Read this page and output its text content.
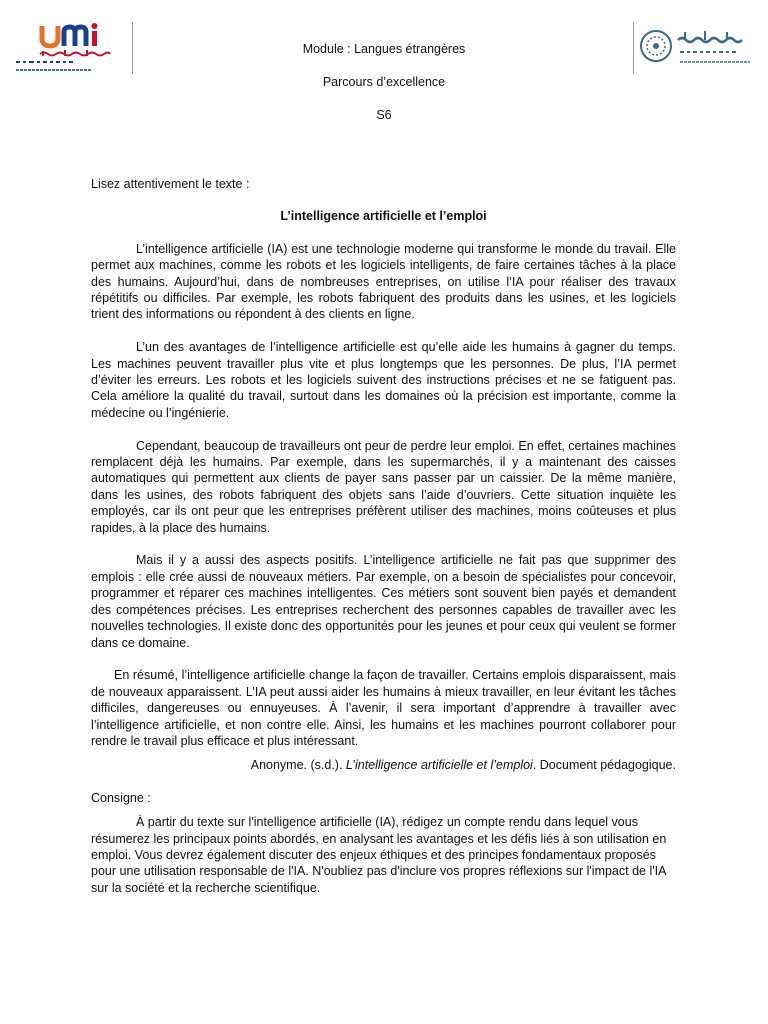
Module : Langues étrangères
Parcours d’excellence
S6

Lisez attentivement le texte :

L’intelligence artificielle et l’emploi

L’intelligence artificielle (IA) est une technologie moderne qui transforme le monde du travail. Elle permet aux machines, comme les robots et les logiciels intelligents, de faire certaines tâches à la place des humains. Aujourd’hui, dans de nombreuses entreprises, on utilise l’IA pour réaliser des travaux répétitifs ou difficiles. Par exemple, les robots fabriquent des produits dans les usines, et les logiciels trient des informations ou répondent à des clients en ligne.

L’un des avantages de l’intelligence artificielle est qu’elle aide les humains à gagner du temps. Les machines peuvent travailler plus vite et plus longtemps que les personnes. De plus, l’IA permet d’éviter les erreurs. Les robots et les logiciels suivent des instructions précises et ne se fatiguent pas. Cela améliore la qualité du travail, surtout dans les domaines où la précision est importante, comme la médecine ou l’ingénierie.

Cependant, beaucoup de travailleurs ont peur de perdre leur emploi. En effet, certaines machines remplacent déjà les humains. Par exemple, dans les supermarchés, il y a maintenant des caisses automatiques qui permettent aux clients de payer sans passer par un caissier. De la même manière, dans les usines, des robots fabriquent des objets sans l’aide d’ouvriers. Cette situation inquiète les employés, car ils ont peur que les entreprises préfèrent utiliser des machines, moins coûteuses et plus rapides, à la place des humains.

Mais il y a aussi des aspects positifs. L’intelligence artificielle ne fait pas que supprimer des emplois : elle crée aussi de nouveaux métiers. Par exemple, on a besoin de spécialistes pour concevoir, programmer et réparer ces machines intelligentes. Ces métiers sont souvent bien payés et demandent des compétences précises. Les entreprises recherchent des personnes capables de travailler avec les nouvelles technologies. Il existe donc des opportunités pour les jeunes et pour ceux qui veulent se former dans ce domaine.

En résumé, l’intelligence artificielle change la façon de travailler. Certains emplois disparaissent, mais de nouveaux apparaissent. L’IA peut aussi aider les humains à mieux travailler, en leur évitant les tâches difficiles, dangereuses ou ennuyeuses. À l’avenir, il sera important d’apprendre à travailler avec l’intelligence artificielle, et non contre elle. Ainsi, les humains et les machines pourront collaborer pour rendre le travail plus efficace et plus intéressant.

Anonyme. (s.d.). L’intelligence artificielle et l’emploi. Document pédagogique.

Consigne :

À partir du texte sur l'intelligence artificielle (IA), rédigez un compte rendu dans lequel vous résumerez les principaux points abordés, en analysant les avantages et les défis liés à son utilisation en emploi. Vous devrez également discuter des enjeux éthiques et des principes fondamentaux proposés pour une utilisation responsable de l'IA. N'oubliez pas d'inclure vos propres réflexions sur l'impact de l'IA sur la société et la recherche scientifique.
